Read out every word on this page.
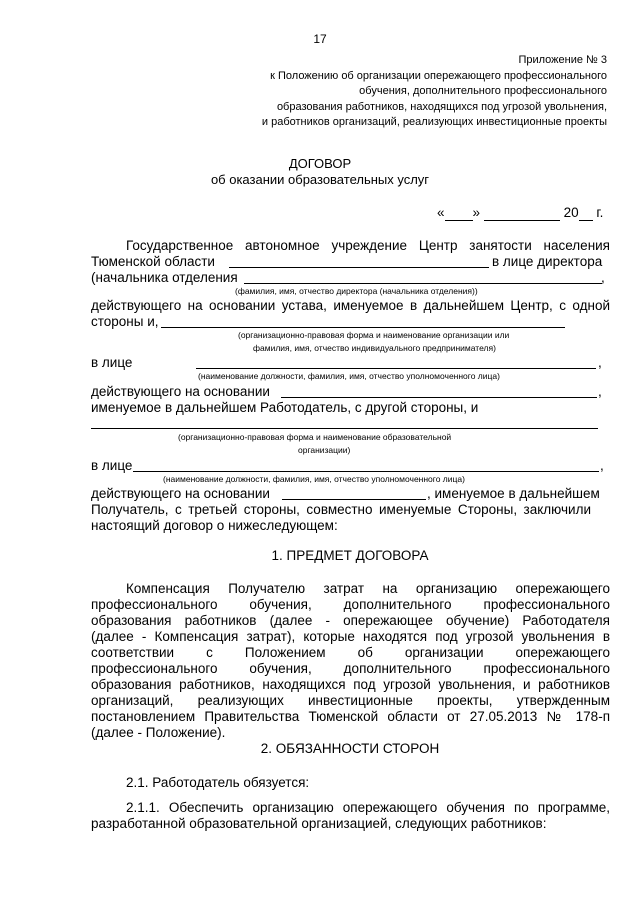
17
Приложение № 3
к Положению об организации опережающего профессионального
обучения, дополнительного профессионального
образования работников, находящихся под угрозой увольнения,
и работников организаций, реализующих инвестиционные проекты
ДОГОВОР
об оказании образовательных услуг
« »	20 г.
Государственное автономное учреждение Центр занятости населения
Тюменской области	в лице директора
(начальника отделения	,
(фамилия, имя, отчество директора (начальника отделения))
действующего на основании устава, именуемое в дальнейшем Центр, с одной
стороны и,
(организационно-правовая форма и наименование организации или
фамилия, имя, отчество индивидуального предпринимателя)
в лице	,
(наименование должности, фамилия, имя, отчество уполномоченного лица)
действующего на основании	,
именуемое в дальнейшем Работодатель, с другой стороны, и
(организационно-правовая форма и наименование образовательной
организации)
в лице	,
(наименование должности, фамилия, имя, отчество уполномоченного лица)
действующего на основании	, именуемое в дальнейшем
Получатель, с третьей стороны, совместно именуемые Стороны, заключили
настоящий договор о нижеследующем:
1. ПРЕДМЕТ ДОГОВОРА
Компенсация Получателю затрат на организацию опережающего
профессионального обучения, дополнительного профессионального
образования работников (далее - опережающее обучение) Работодателя
(далее - Компенсация затрат), которые находятся под угрозой увольнения в
соответствии с Положением об организации опережающего
профессионального обучения, дополнительного профессионального
образования работников, находящихся под угрозой увольнения, и работников
организаций, реализующих инвестиционные проекты, утвержденным
постановлением Правительства Тюменской области от 27.05.2013 № 178-п
(далее - Положение).
2. ОБЯЗАННОСТИ СТОРОН
2.1. Работодатель обязуется:
2.1.1. Обеспечить организацию опережающего обучения по программе,
разработанной образовательной организацией, следующих работников:
